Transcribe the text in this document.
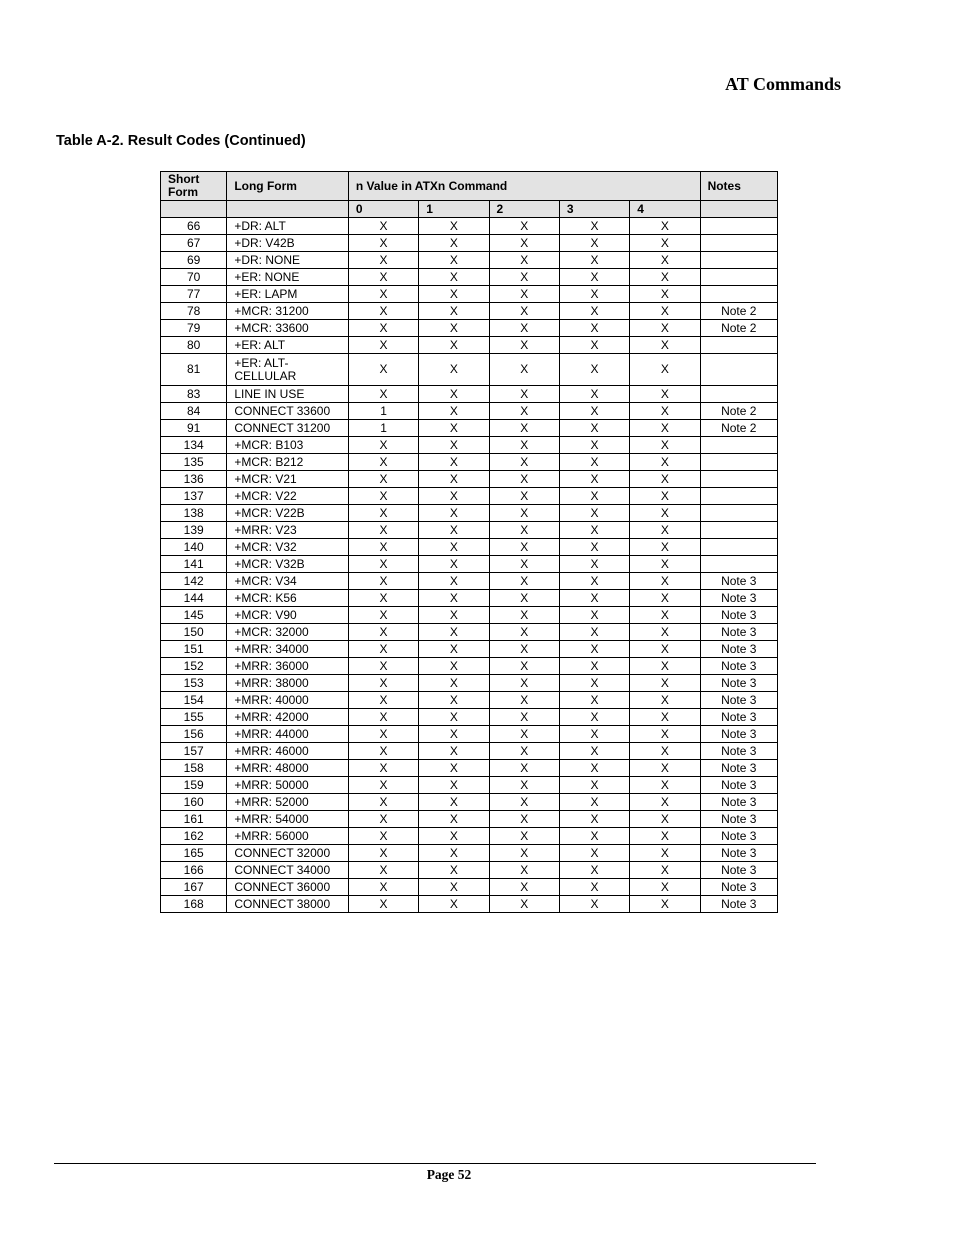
AT Commands
Table A-2. Result Codes (Continued)
Short Form	Long Form	n Value in ATXn Command					Notes
		0	1	2	3	4	
66	+DR: ALT	X	X	X	X	X	
67	+DR: V42B	X	X	X	X	X	
69	+DR: NONE	X	X	X	X	X	
70	+ER: NONE	X	X	X	X	X	
77	+ER: LAPM	X	X	X	X	X	
78	+MCR: 31200	X	X	X	X	X	Note 2
79	+MCR: 33600	X	X	X	X	X	Note 2
80	+ER: ALT	X	X	X	X	X	
81	+ER: ALT-CELLULAR	X	X	X	X	X	
83	LINE IN USE	X	X	X	X	X	
84	CONNECT 33600	1	X	X	X	X	Note 2
91	CONNECT 31200	1	X	X	X	X	Note 2
134	+MCR: B103	X	X	X	X	X	
135	+MCR: B212	X	X	X	X	X	
136	+MCR: V21	X	X	X	X	X	
137	+MCR: V22	X	X	X	X	X	
138	+MCR: V22B	X	X	X	X	X	
139	+MRR: V23	X	X	X	X	X	
140	+MCR: V32	X	X	X	X	X	
141	+MCR: V32B	X	X	X	X	X	
142	+MCR: V34	X	X	X	X	X	Note 3
144	+MCR: K56	X	X	X	X	X	Note 3
145	+MCR: V90	X	X	X	X	X	Note 3
150	+MCR: 32000	X	X	X	X	X	Note 3
151	+MRR: 34000	X	X	X	X	X	Note 3
152	+MRR: 36000	X	X	X	X	X	Note 3
153	+MRR: 38000	X	X	X	X	X	Note 3
154	+MRR: 40000	X	X	X	X	X	Note 3
155	+MRR: 42000	X	X	X	X	X	Note 3
156	+MRR: 44000	X	X	X	X	X	Note 3
157	+MRR: 46000	X	X	X	X	X	Note 3
158	+MRR: 48000	X	X	X	X	X	Note 3
159	+MRR: 50000	X	X	X	X	X	Note 3
160	+MRR: 52000	X	X	X	X	X	Note 3
161	+MRR: 54000	X	X	X	X	X	Note 3
162	+MRR: 56000	X	X	X	X	X	Note 3
165	CONNECT 32000	X	X	X	X	X	Note 3
166	CONNECT 34000	X	X	X	X	X	Note 3
167	CONNECT 36000	X	X	X	X	X	Note 3
168	CONNECT 38000	X	X	X	X	X	Note 3
Page 52
